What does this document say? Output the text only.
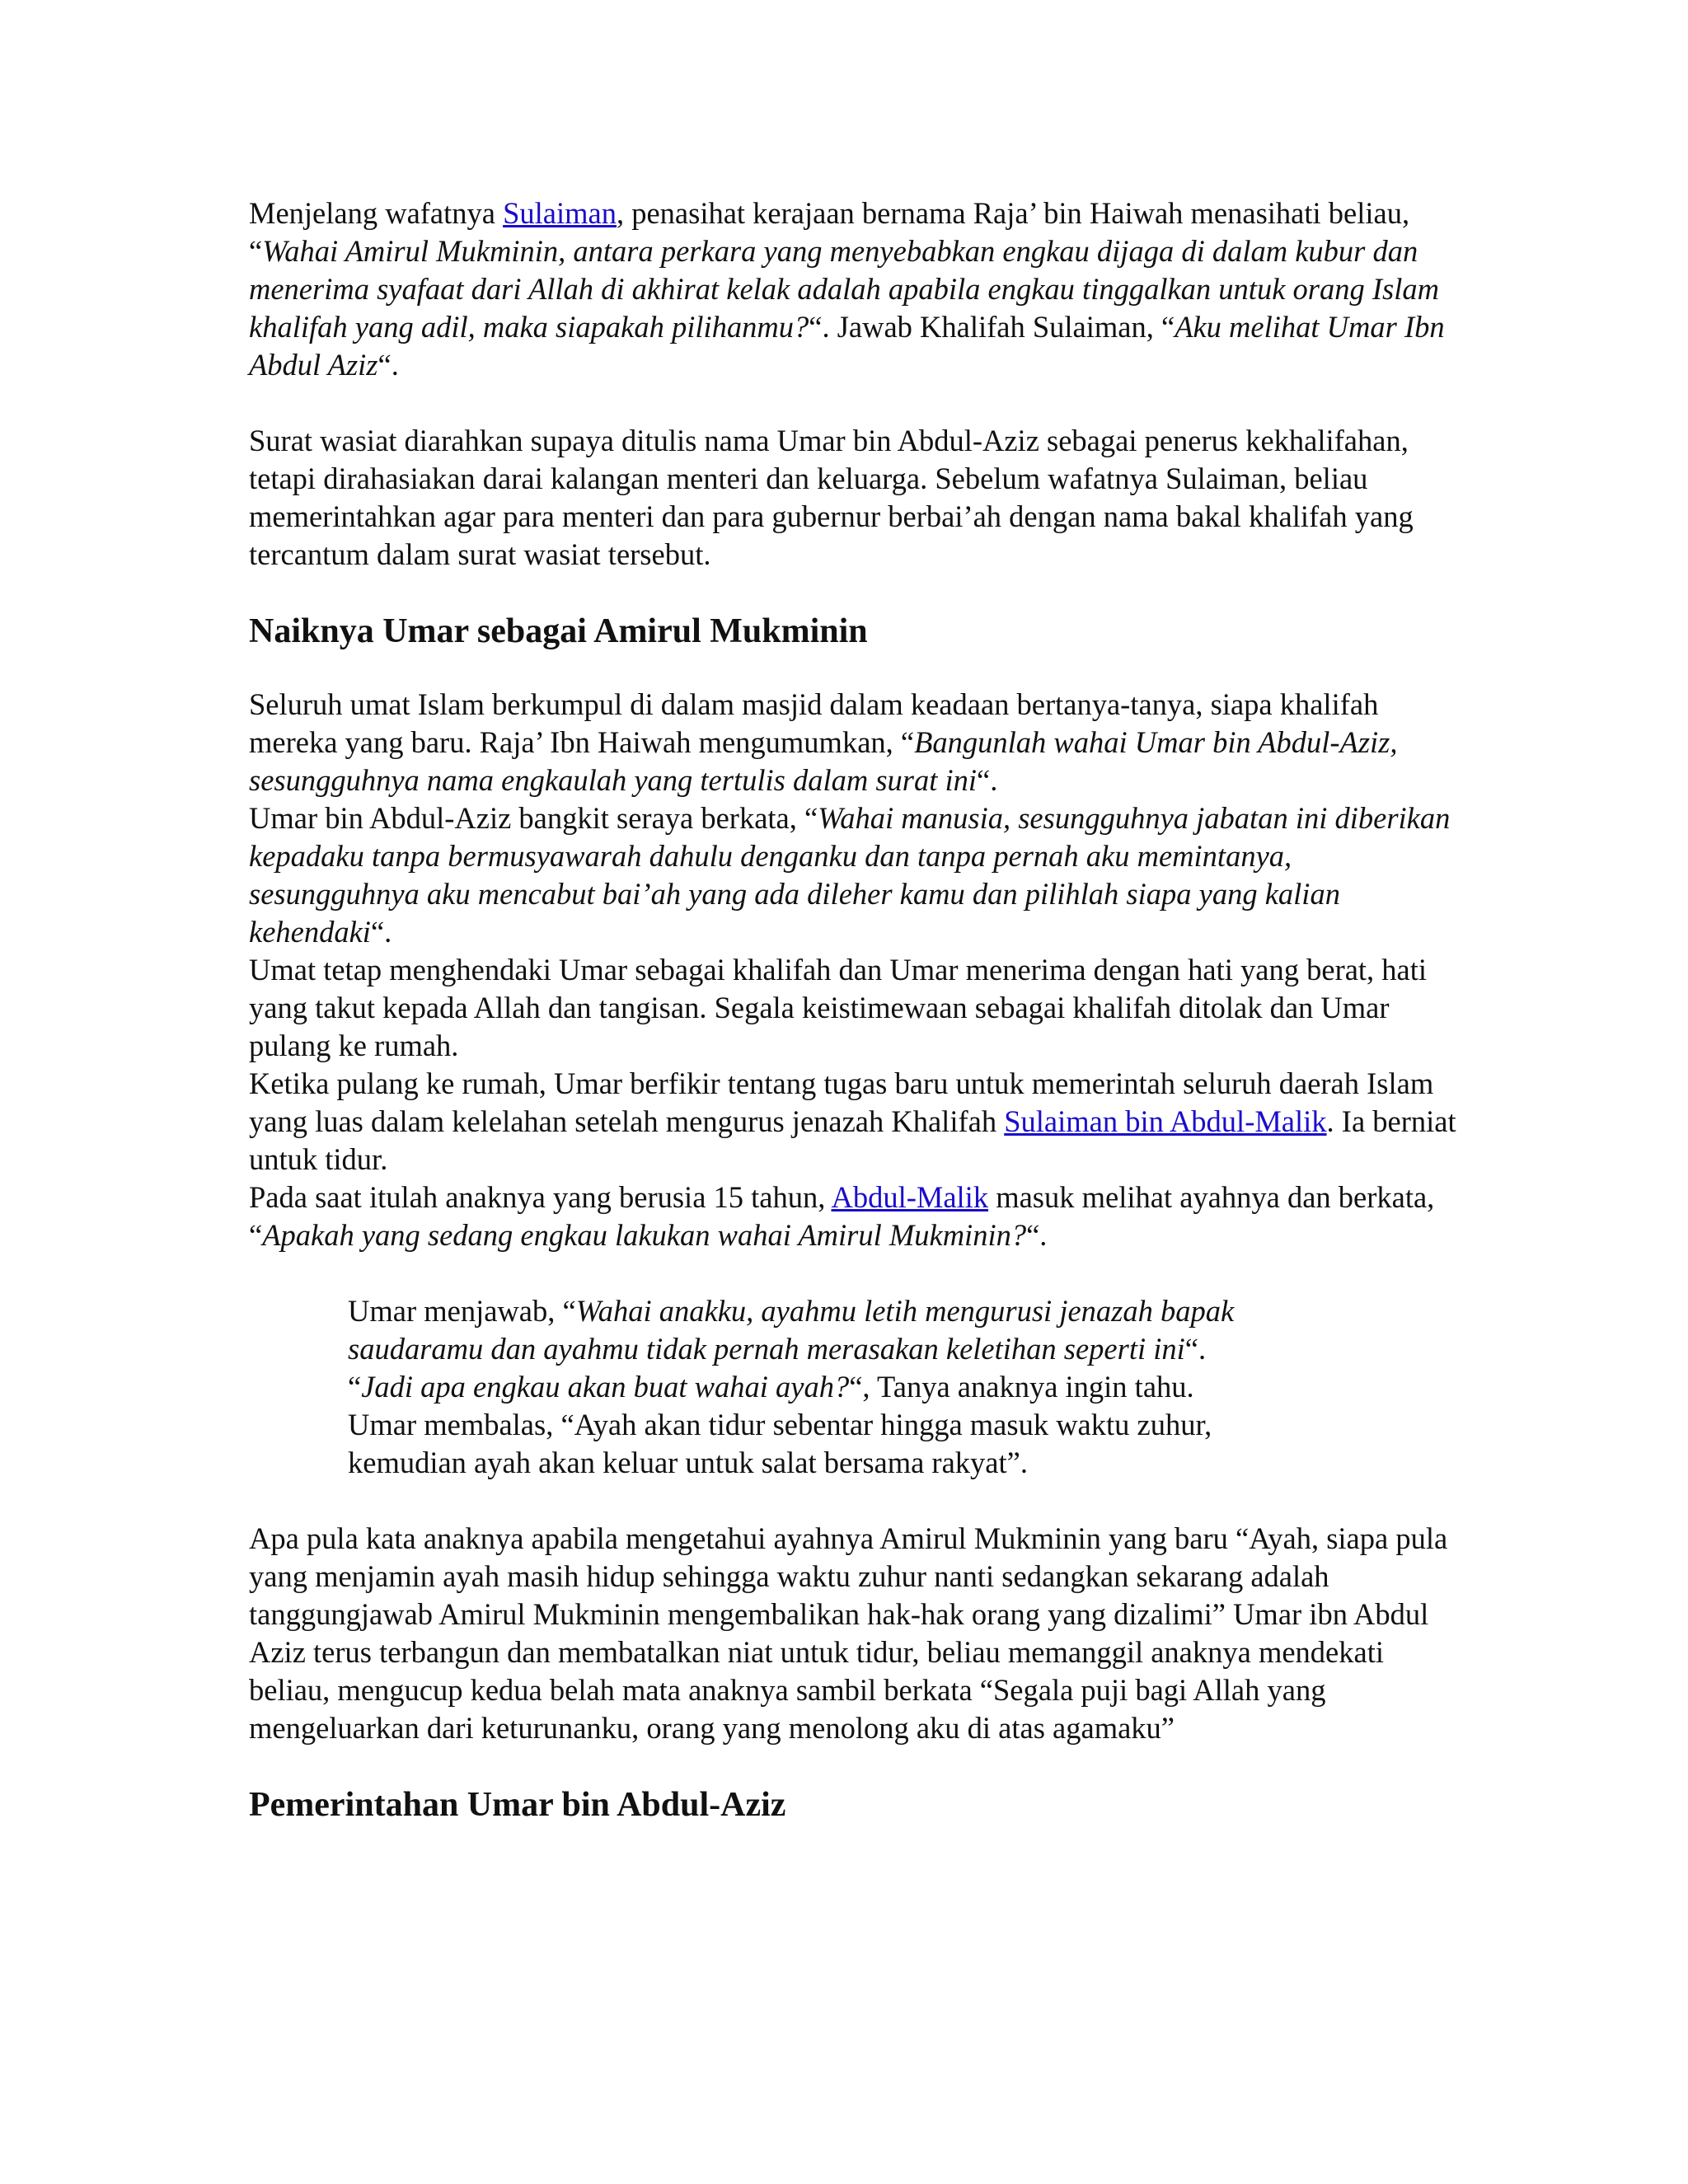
Menjelang wafatnya Sulaiman, penasihat kerajaan bernama Raja’ bin Haiwah menasihati beliau, “Wahai Amirul Mukminin, antara perkara yang menyebabkan engkau dijaga di dalam kubur dan menerima syafaat dari Allah di akhirat kelak adalah apabila engkau tinggalkan untuk orang Islam khalifah yang adil, maka siapakah pilihanmu?“. Jawab Khalifah Sulaiman, “Aku melihat Umar Ibn Abdul Aziz“.

Surat wasiat diarahkan supaya ditulis nama Umar bin Abdul-Aziz sebagai penerus kekhalifahan, tetapi dirahasiakan darai kalangan menteri dan keluarga. Sebelum wafatnya Sulaiman, beliau memerintahkan agar para menteri dan para gubernur berbai’ah dengan nama bakal khalifah yang tercantum dalam surat wasiat tersebut.

Naiknya Umar sebagai Amirul Mukminin

Seluruh umat Islam berkumpul di dalam masjid dalam keadaan bertanya-tanya, siapa khalifah mereka yang baru. Raja’ Ibn Haiwah mengumumkan, “Bangunlah wahai Umar bin Abdul-Aziz, sesungguhnya nama engkaulah yang tertulis dalam surat ini“.

Umar bin Abdul-Aziz bangkit seraya berkata, “Wahai manusia, sesungguhnya jabatan ini diberikan kepadaku tanpa bermusyawarah dahulu denganku dan tanpa pernah aku memintanya, sesungguhnya aku mencabut bai’ah yang ada dileher kamu dan pilihlah siapa yang kalian kehendaki“.

Umat tetap menghendaki Umar sebagai khalifah dan Umar menerima dengan hati yang berat, hati yang takut kepada Allah dan tangisan. Segala keistimewaan sebagai khalifah ditolak dan Umar pulang ke rumah.

Ketika pulang ke rumah, Umar berfikir tentang tugas baru untuk memerintah seluruh daerah Islam yang luas dalam kelelahan setelah mengurus jenazah Khalifah Sulaiman bin Abdul-Malik. Ia berniat untuk tidur.

Pada saat itulah anaknya yang berusia 15 tahun, Abdul-Malik masuk melihat ayahnya dan berkata, “Apakah yang sedang engkau lakukan wahai Amirul Mukminin?“.

Umar menjawab, “Wahai anakku, ayahmu letih mengurusi jenazah bapak saudaramu dan ayahmu tidak pernah merasakan keletihan seperti ini“.

“Jadi apa engkau akan buat wahai ayah?“, Tanya anaknya ingin tahu.

Umar membalas, “Ayah akan tidur sebentar hingga masuk waktu zuhur, kemudian ayah akan keluar untuk salat bersama rakyat”.

Apa pula kata anaknya apabila mengetahui ayahnya Amirul Mukminin yang baru “Ayah, siapa pula yang menjamin ayah masih hidup sehingga waktu zuhur nanti sedangkan sekarang adalah tanggungjawab Amirul Mukminin mengembalikan hak-hak orang yang dizalimi” Umar ibn Abdul Aziz terus terbangun dan membatalkan niat untuk tidur, beliau memanggil anaknya mendekati beliau, mengucup kedua belah mata anaknya sambil berkata “Segala puji bagi Allah yang mengeluarkan dari keturunanku, orang yang menolong aku di atas agamaku”

Pemerintahan Umar bin Abdul-Aziz
